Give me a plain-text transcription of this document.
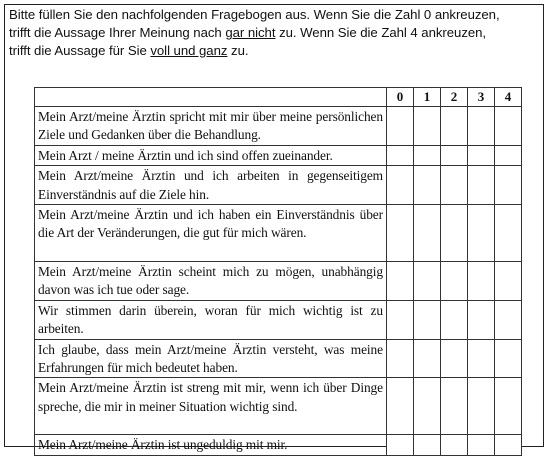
Bitte füllen Sie den nachfolgenden Fragebogen aus. Wenn Sie die Zahl 0 ankreuzen,
trifft die Aussage Ihrer Meinung nach gar nicht zu. Wenn Sie die Zahl 4 ankreuzen,
trifft die Aussage für Sie voll und ganz zu.
	0	1	2	3	4
Mein Arzt/meine Ärztin spricht mit mir über meine persönlichen Ziele und Gedanken über die Behandlung.					
Mein Arzt / meine Ärztin und ich sind offen zueinander.					
Mein Arzt/meine Ärztin und ich arbeiten in gegenseitigem Einverständnis auf die Ziele hin.					
Mein Arzt/meine Ärztin und ich haben ein Einverständnis über die Art der Veränderungen, die gut für mich wären.					
Mein Arzt/meine Ärztin scheint mich zu mögen, unabhängig davon was ich tue oder sage.					
Wir stimmen darin überein, woran für mich wichtig ist zu arbeiten.					
Ich glaube, dass mein Arzt/meine Ärztin versteht, was meine Erfahrungen für mich bedeutet haben.					
Mein Arzt/meine Ärztin ist streng mit mir, wenn ich über Dinge spreche, die mir in meiner Situation wichtig sind.					
Mein Arzt/meine Ärztin ist ungeduldig mit mir.					
